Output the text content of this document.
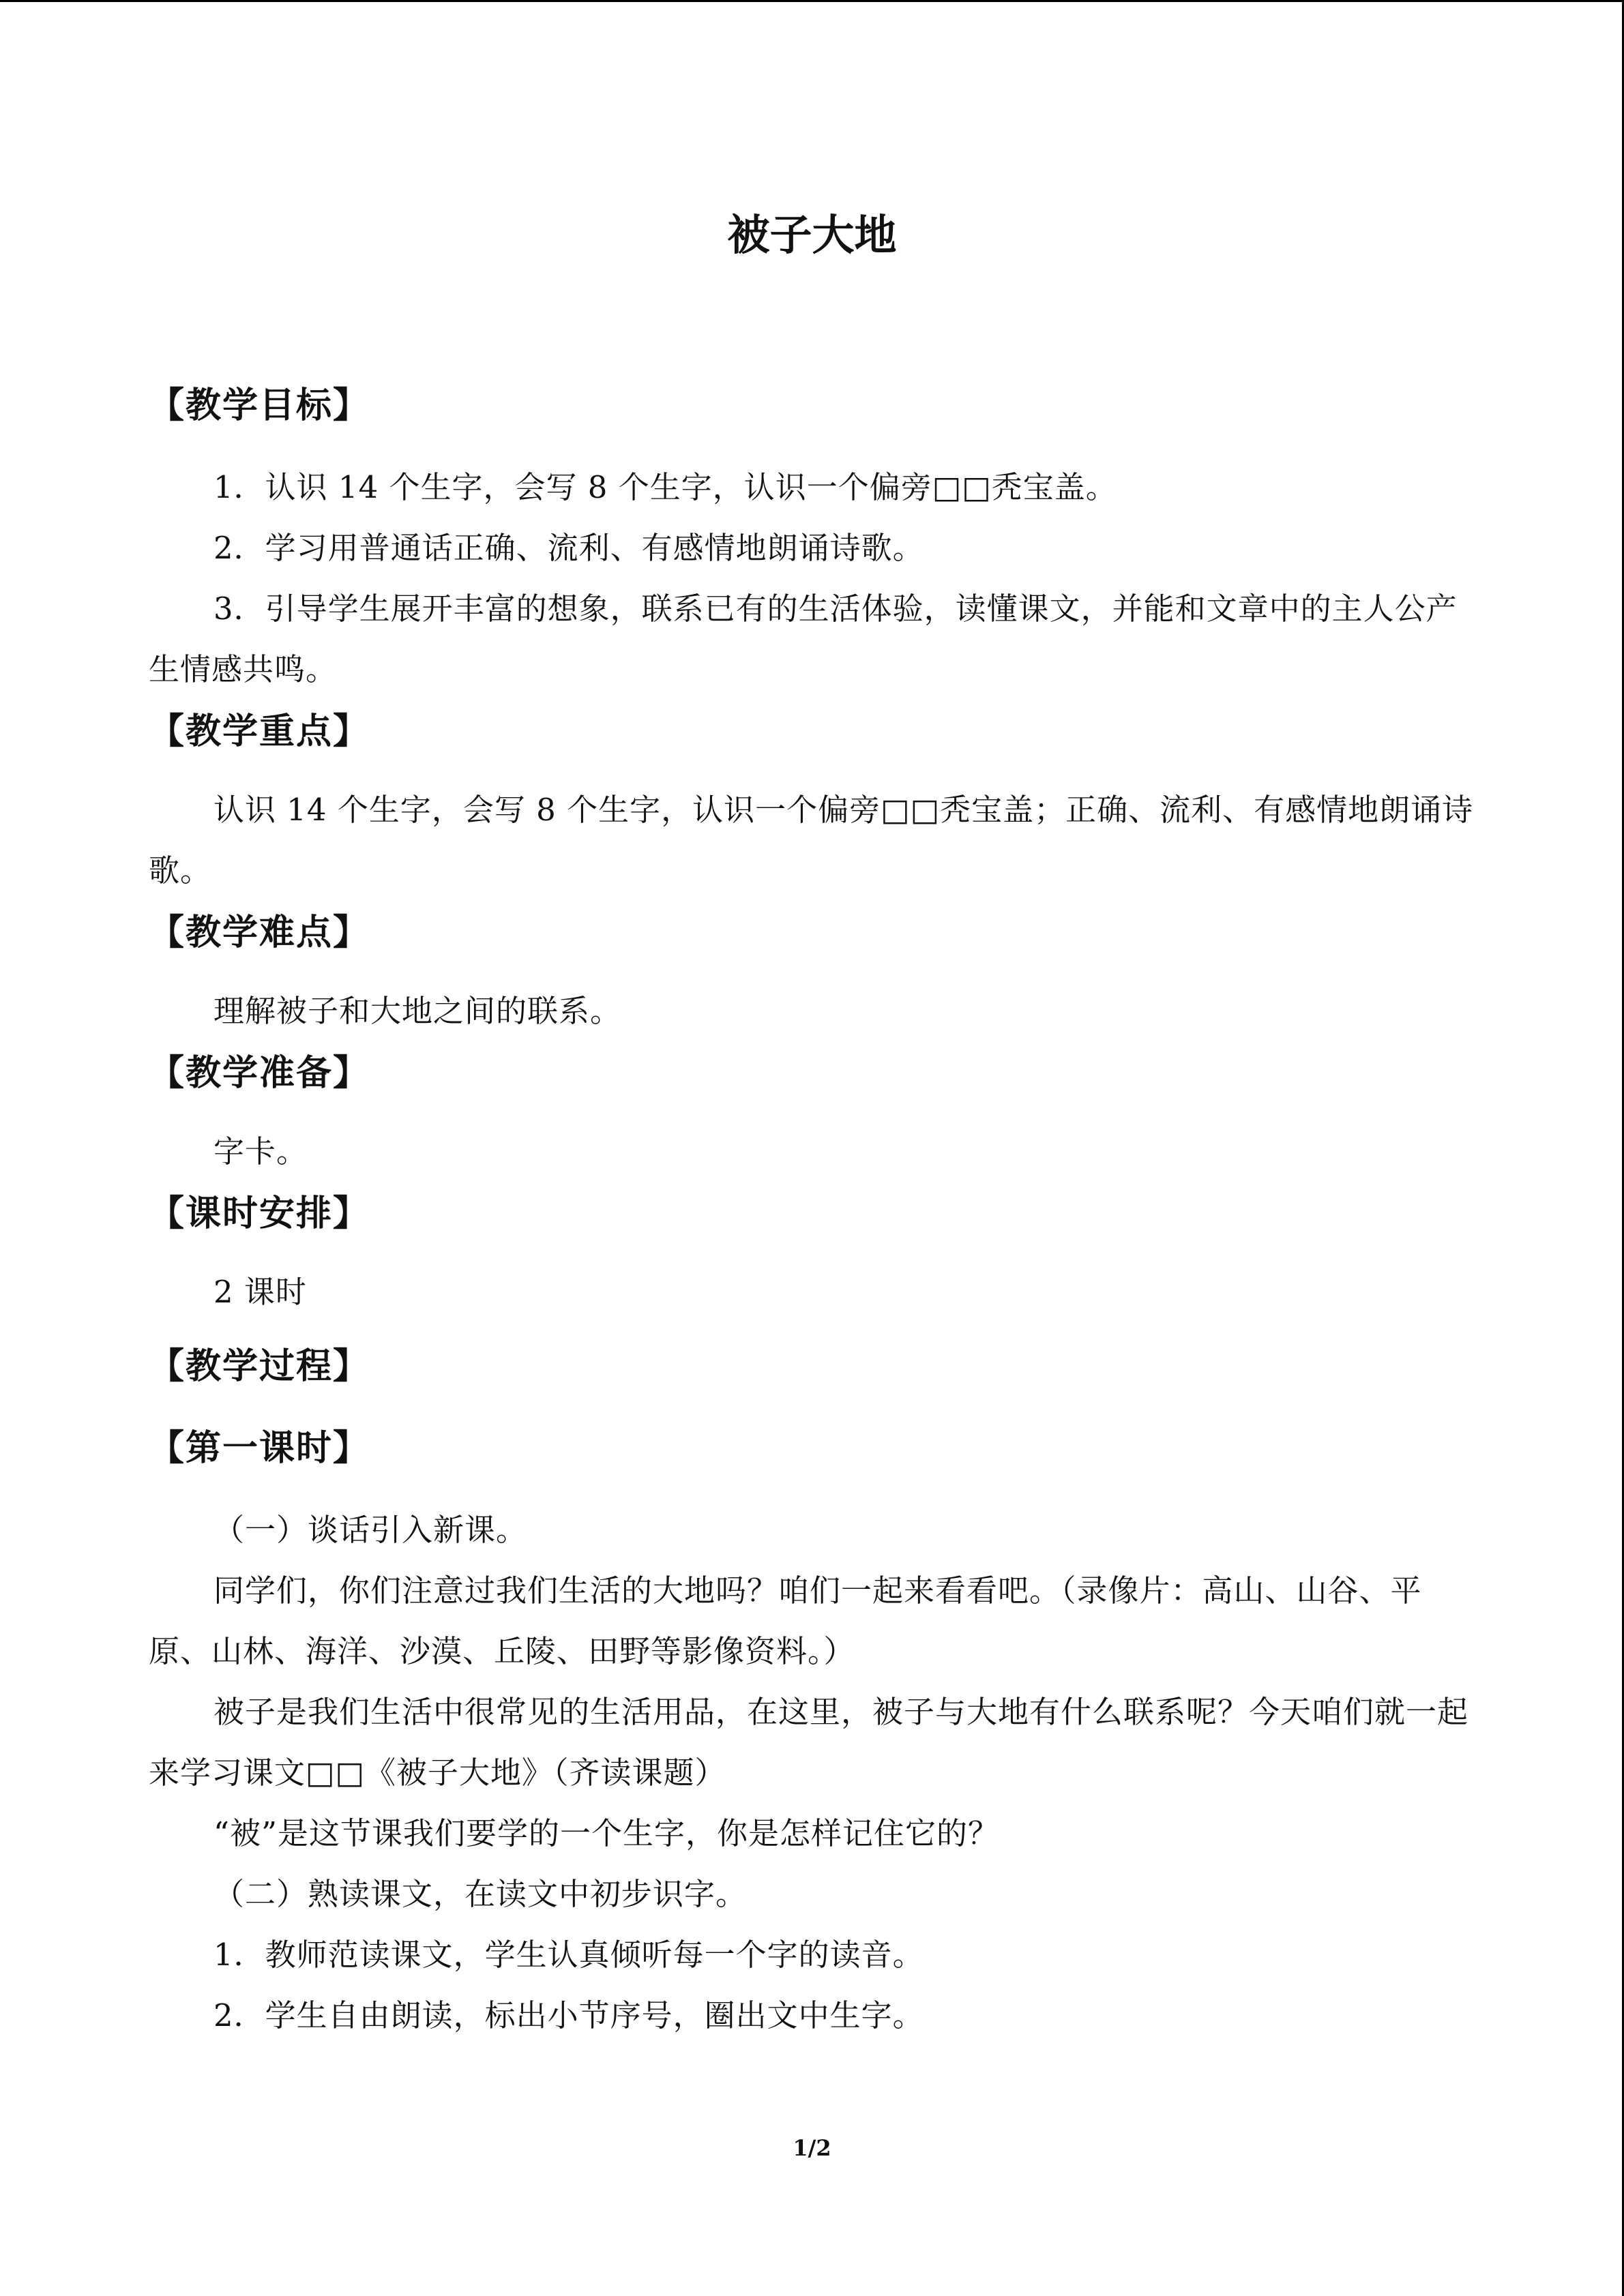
被子大地
【教学目标】

1．认识 14 个生字，会写 8 个生字，认识一个偏旁□□秃宝盖。

2．学习用普通话正确、流利、有感情地朗诵诗歌。

3．引导学生展开丰富的想象，联系已有的生活体验，读懂课文，并能和文章中的主人公产生情感共鸣。

【教学重点】

认识 14 个生字，会写 8 个生字，认识一个偏旁□□秃宝盖；正确、流利、有感情地朗诵诗歌。

【教学难点】

理解被子和大地之间的联系。

【教学准备】

字卡。

【课时安排】

2 课时

【教学过程】
【第一课时】

（一）谈话引入新课。

同学们，你们注意过我们生活的大地吗？咱们一起来看看吧。（录像片：高山、山谷、平原、山林、海洋、沙漠、丘陵、田野等影像资料。）

被子是我们生活中很常见的生活用品，在这里，被子与大地有什么联系呢？今天咱们就一起来学习课文□□《被子大地》（齐读课题）

“被”是这节课我们要学的一个生字，你是怎样记住它的？

（二）熟读课文，在读文中初步识字。

1．教师范读课文，学生认真倾听每一个字的读音。

2．学生自由朗读，标出小节序号，圈出文中生字。

1/2
